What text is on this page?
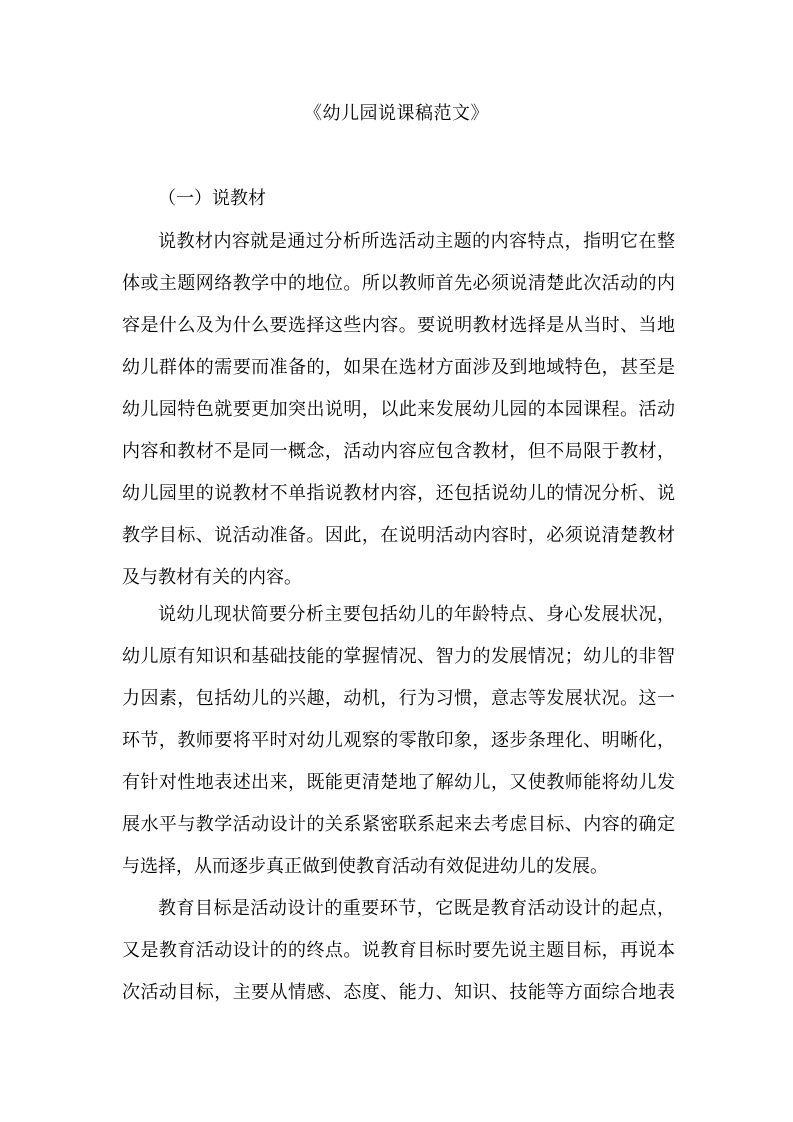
《幼儿园说课稿范文》
（一）说教材
说教材内容就是通过分析所选活动主题的内容特点，指明它在整
体或主题网络教学中的地位。所以教师首先必须说清楚此次活动的内
容是什么及为什么要选择这些内容。要说明教材选择是从当时、当地
幼儿群体的需要而准备的，如果在选材方面涉及到地域特色，甚至是
幼儿园特色就要更加突出说明，以此来发展幼儿园的本园课程。活动
内容和教材不是同一概念，活动内容应包含教材，但不局限于教材，
幼儿园里的说教材不单指说教材内容，还包括说幼儿的情况分析、说
教学目标、说活动准备。因此，在说明活动内容时，必须说清楚教材
及与教材有关的内容。
说幼儿现状简要分析主要包括幼儿的年龄特点、身心发展状况，
幼儿原有知识和基础技能的掌握情况、智力的发展情况；幼儿的非智
力因素，包括幼儿的兴趣，动机，行为习惯，意志等发展状况。这一
环节，教师要将平时对幼儿观察的零散印象，逐步条理化、明晰化，
有针对性地表述出来，既能更清楚地了解幼儿，又使教师能将幼儿发
展水平与教学活动设计的关系紧密联系起来去考虑目标、内容的确定
与选择，从而逐步真正做到使教育活动有效促进幼儿的发展。
教育目标是活动设计的重要环节，它既是教育活动设计的起点，
又是教育活动设计的的终点。说教育目标时要先说主题目标，再说本
次活动目标，主要从情感、态度、能力、知识、技能等方面综合地表
